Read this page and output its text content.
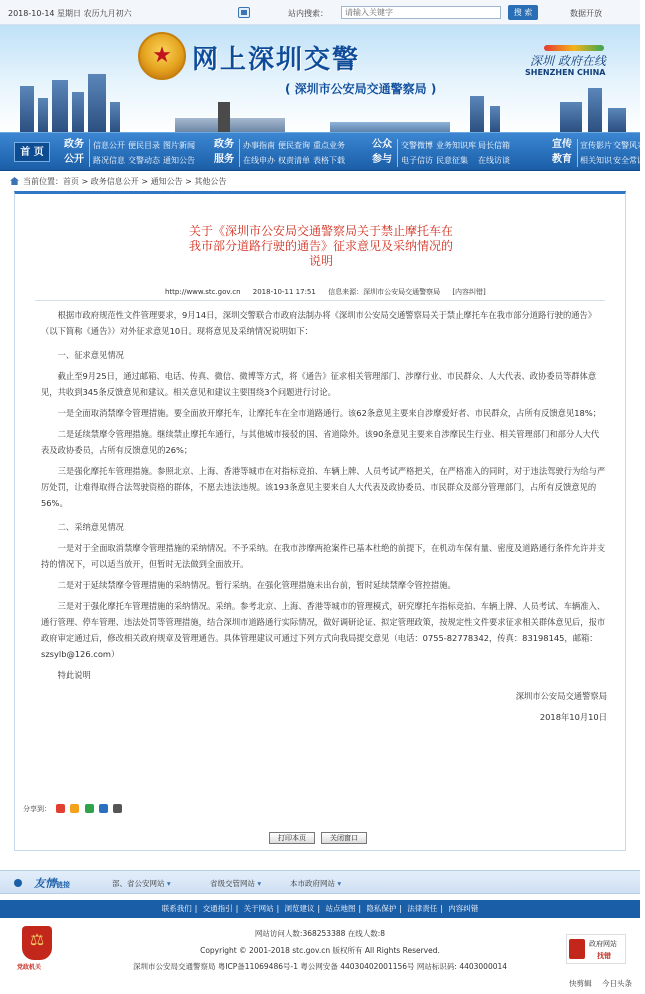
2018-10-14 星期日 农历九月初六	站内搜索：	请输入关键字	搜 索	数据开放
★
网上深圳交警
( 深圳市公安局交通警察局 )
深圳 政府在线
SHENZHEN CHINA
首 页
政务
公开
信息公开 便民目录 图片新闻
路况信息 交警动态 通知公告
政务
服务
办事指南 便民查询 重点业务
在线申办 权责清单 表格下载
公众
参与
交警微博 业务知识库 局长信箱
电子信访 民意征集 在线访谈
宣传
教育
宣传影片 交警风采
相关知识 安全常识
当前位置：首页 > 政务信息公开 > 通知公告 > 其他公告
关于《深圳市公安局交通警察局关于禁止摩托车在
我市部分道路行驶的通告》征求意见及采纳情况的
说明
http://www.stc.gov.cn 2018-10-11 17:51 信息来源：深圳市公安局交通警察局 [内容纠错]

根据市政府规范性文件管理要求，9月14日，深圳交警联合市政府法制办将《深圳市公安局交通警察局关于禁止摩托车在我市部分道路行驶的通告》（以下简称《通告》）对外征求意见10日。现将意见及采纳情况说明如下：

一、征求意见情况

截止至9月25日，通过邮箱、电话、传真、微信、微博等方式，将《通告》征求相关管理部门、涉摩行业、市民群众、人大代表、政协委员等群体意见，共收到345条反馈意见和建议。相关意见和建议主要围绕3个问题进行讨论。

一是全面取消禁摩令管理措施。要全面放开摩托车，让摩托车在全市道路通行。该62条意见主要来自涉摩爱好者、市民群众，占所有反馈意见18%；

二是延续禁摩令管理措施。继续禁止摩托车通行，与其他城市接驳的国、省道除外。该90条意见主要来自涉摩民生行业、相关管理部门和部分人大代表及政协委员，占所有反馈意见的26%；

三是强化摩托车管理措施。参照北京、上海、香港等城市在对指标竞拍、车辆上牌、人员考试严格把关，在严格准入的同时，对于违法驾驶行为给与严厉处罚，让难得取得合法驾驶资格的群体，不愿去违法违规。该193条意见主要来自人大代表及政协委员、市民群众及部分管理部门，占所有反馈意见的56%。

二、采纳意见情况

一是对于全面取消禁摩令管理措施的采纳情况。不予采纳。在我市涉摩两抢案件已基本杜绝的前提下，在机动车保有量、密度及道路通行条件允许并支持的情况下，可以适当放开，但暂时无法做到全面放开。

二是对于延续禁摩令管理措施的采纳情况。暂行采纳。在强化管理措施未出台前，暂时延续禁摩令管控措施。

三是对于强化摩托车管理措施的采纳情况。采纳。参考北京、上海、香港等城市的管理模式，研究摩托车指标竞拍、车辆上牌、人员考试、车辆准入、通行管理、停车管理、违法处罚等管理措施，结合深圳市道路通行实际情况，做好调研论证、拟定管理政策，按规定性文件要求征求相关群体意见后，报市政府审定通过后，修改相关政府规章及管理通告。具体管理建议可通过下列方式向我局提交意见（电话：0755-82778342，传真：83198145，邮箱：szsylb@126.com）

特此说明

深圳市公安局交通警察局

2018年10月10日

分享到：
打印本页	关闭窗口
友情链接	部、省公安网站 ▾	省级交管网站 ▾	本市政府网站 ▾
联系我们 | 交通指引 | 关于网站 | 浏览建议 | 站点地图 | 隐私保护 | 法律责任 | 内容纠错
⚖
党政机关
网站访问人数:368253388 在线人数:8
Copyright © 2001-2018 stc.gov.cn 版权所有 All Rights Reserved.
深圳市公安局交通警察局 粤ICP备11069486号-1 粤公网安备 44030402001156号 网站标识码: 4403000014
政府网站
找错
快剪辑 今日头条
